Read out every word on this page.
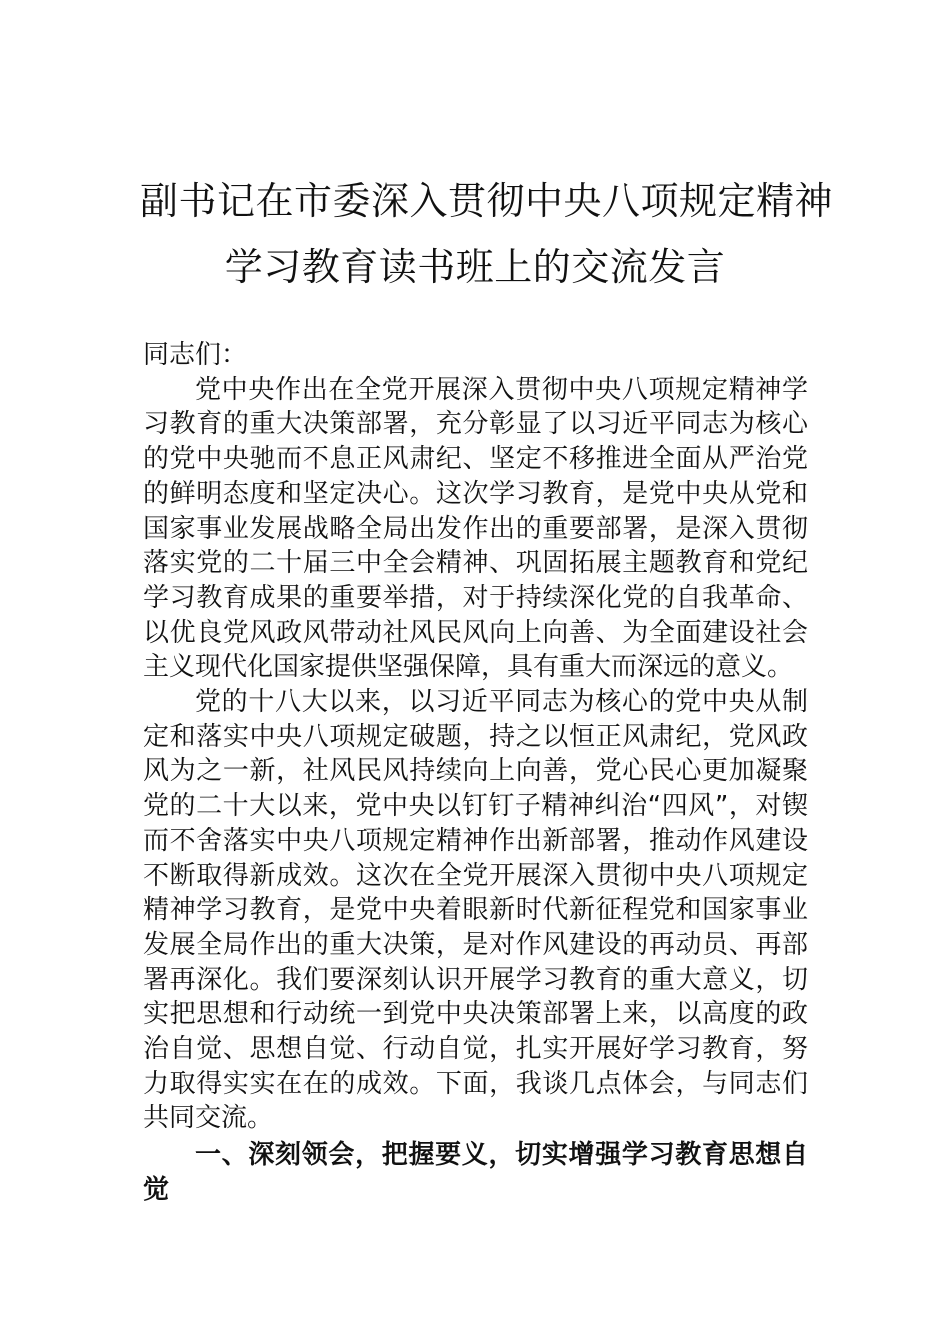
副书记在市委深入贯彻中央八项规定精神
学习教育读书班上的交流发言

同志们：

党中央作出在全党开展深入贯彻中央八项规定精神学习教育的重大决策部署，充分彰显了以习近平同志为核心的党中央驰而不息正风肃纪、坚定不移推进全面从严治党的鲜明态度和坚定决心。这次学习教育，是党中央从党和国家事业发展战略全局出发作出的重要部署，是深入贯彻落实党的二十届三中全会精神、巩固拓展主题教育和党纪学习教育成果的重要举措，对于持续深化党的自我革命、以优良党风政风带动社风民风向上向善、为全面建设社会主义现代化国家提供坚强保障，具有重大而深远的意义。

党的十八大以来，以习近平同志为核心的党中央从制定和落实中央八项规定破题，持之以恒正风肃纪，党风政风为之一新，社风民风持续向上向善，党心民心更加凝聚党的二十大以来，党中央以钉钉子精神纠治“四风”，对锲而不舍落实中央八项规定精神作出新部署，推动作风建设不断取得新成效。这次在全党开展深入贯彻中央八项规定精神学习教育，是党中央着眼新时代新征程党和国家事业发展全局作出的重大决策，是对作风建设的再动员、再部署再深化。我们要深刻认识开展学习教育的重大意义，切实把思想和行动统一到党中央决策部署上来，以高度的政治自觉、思想自觉、行动自觉，扎实开展好学习教育，努力取得实实在在的成效。下面，我谈几点体会，与同志们共同交流。

一、深刻领会，把握要义，切实增强学习教育思想自觉
